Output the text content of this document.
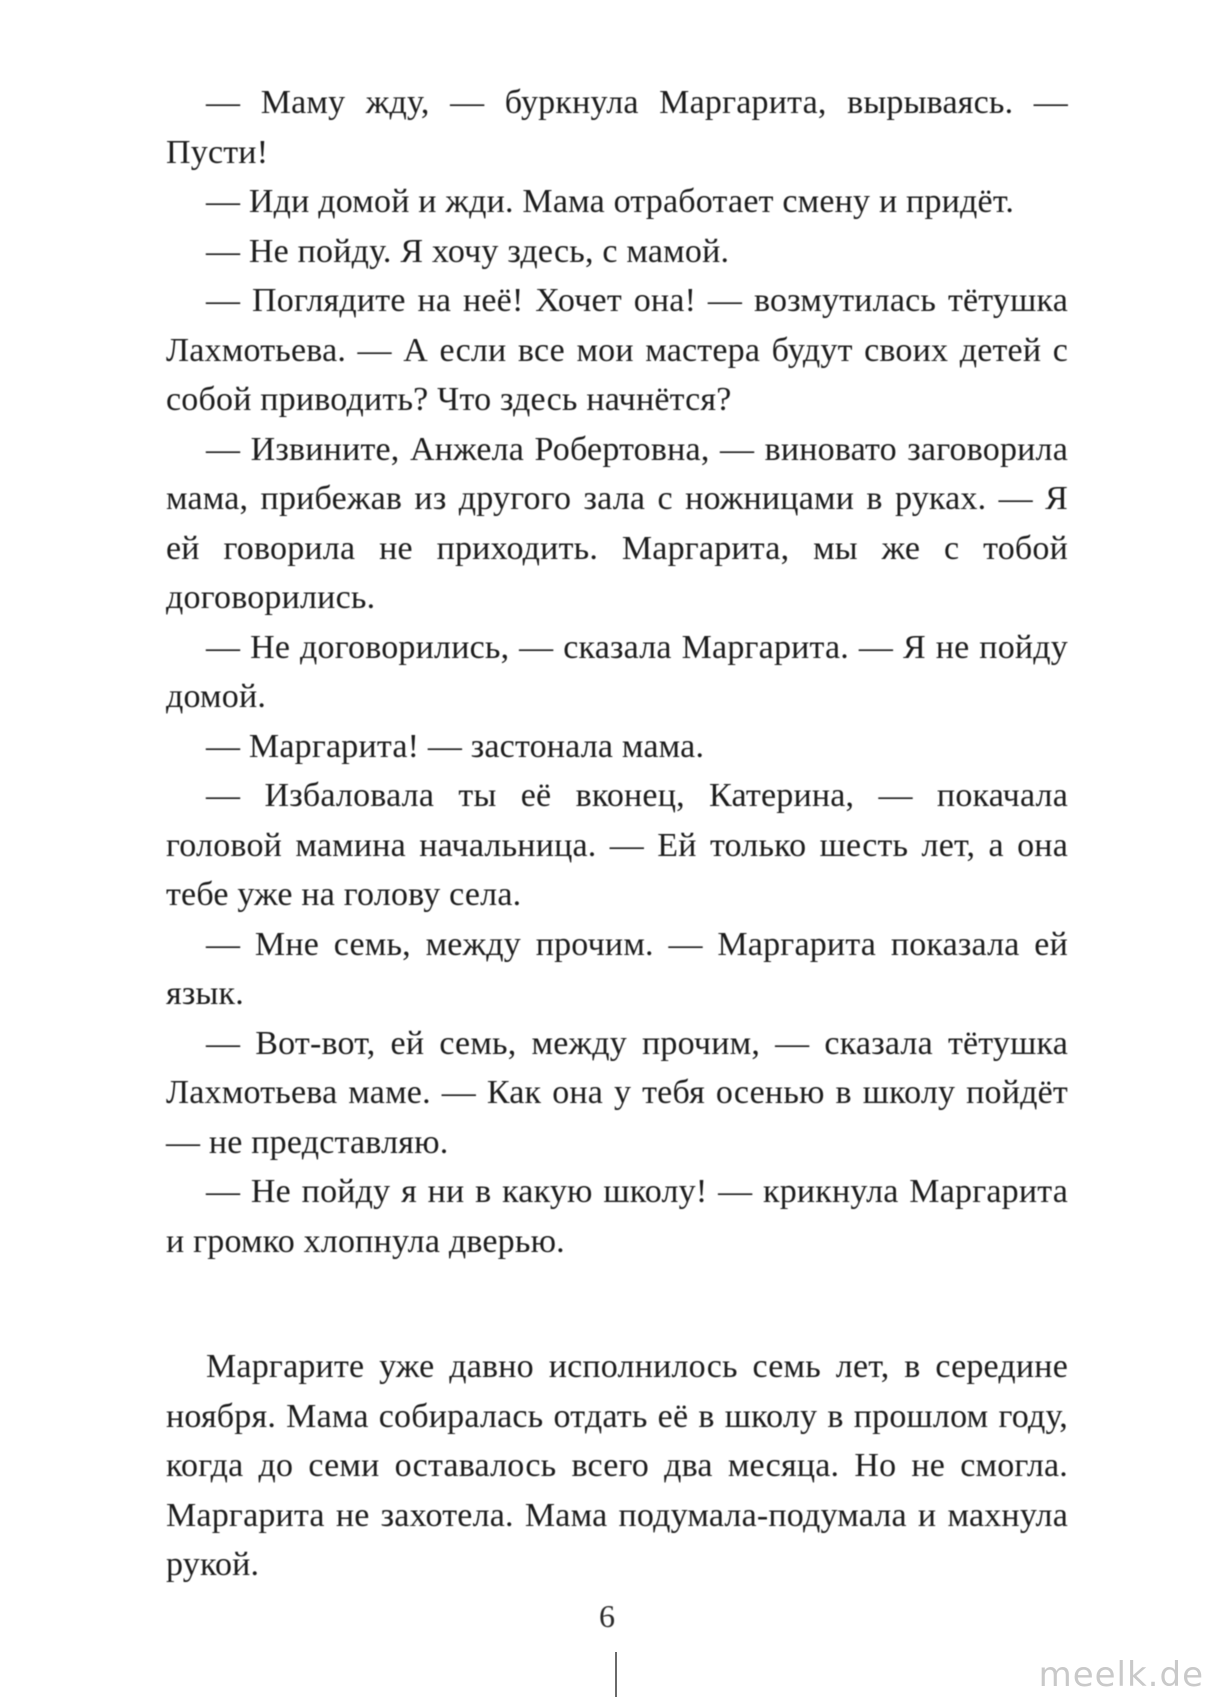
— Маму жду, — буркнула Маргарита, вырываясь. — Пусти!

— Иди домой и жди. Мама отработает смену и придёт.

— Не пойду. Я хочу здесь, с мамой.

— Поглядите на неё! Хочет она! — возмутилась тётушка Лахмотьева. — А если все мои мастера будут своих детей с собой приводить? Что здесь начнётся?

— Извините, Анжела Робертовна, — виновато заговорила мама, прибежав из другого зала с ножницами в руках. — Я ей говорила не приходить. Маргарита, мы же с тобой договорились.

— Не договорились, — сказала Маргарита. — Я не пойду домой.

— Маргарита! — застонала мама.

— Избаловала ты её вконец, Катерина, — покачала головой мамина начальница. — Ей только шесть лет, а она тебе уже на голову села.

— Мне семь, между прочим. — Маргарита показала ей язык.

— Вот-вот, ей семь, между прочим, — сказала тётушка Лахмотьева маме. — Как она у тебя осенью в школу пойдёт — не представляю.

— Не пойду я ни в какую школу! — крикнула Маргарита и громко хлопнула дверью.

Маргарите уже давно исполнилось семь лет, в середине ноября. Мама собиралась отдать её в школу в прошлом году, когда до семи оставалось всего два месяца. Но не смогла. Маргарита не захотела. Мама подумала-подумала и махнула рукой.

6
meelk.de
